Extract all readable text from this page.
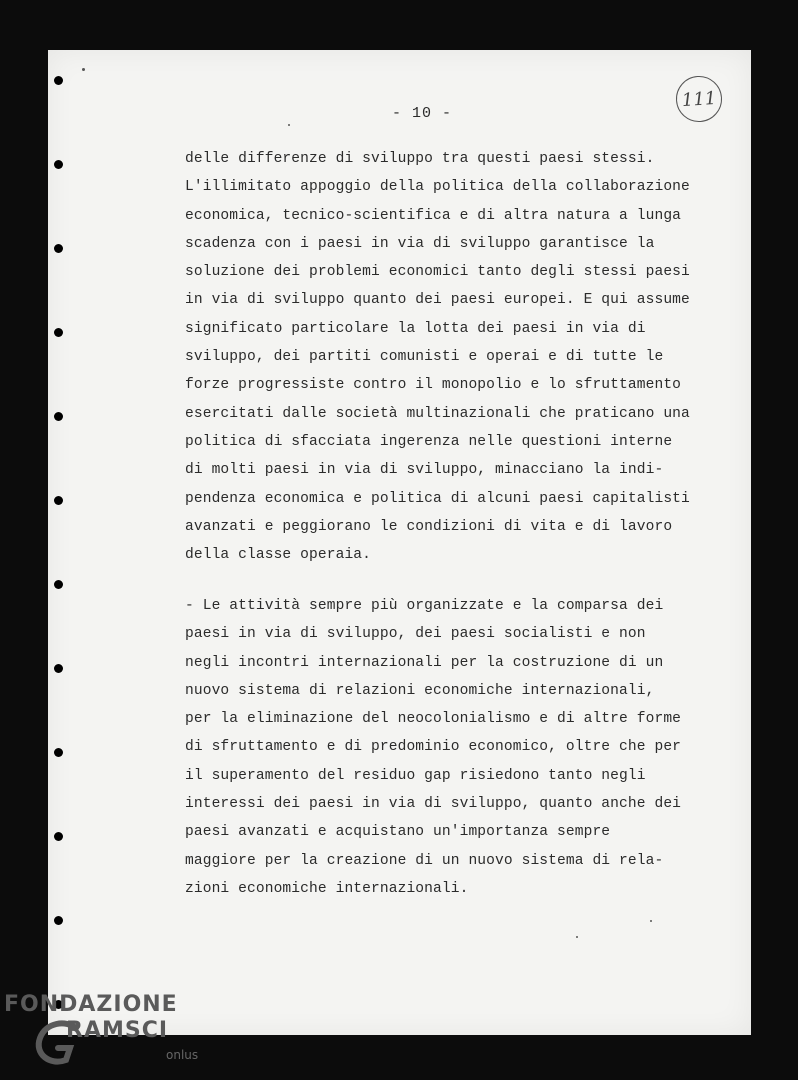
- 10 -
111

delle differenze di sviluppo tra questi paesi stessi.
L'illimitato appoggio della politica della collaborazione
economica, tecnico-scientifica e di altra natura a lunga
scadenza con i paesi in via di sviluppo garantisce la
soluzione dei problemi economici tanto degli stessi paesi
in via di sviluppo quanto dei paesi europei. E qui assume
significato particolare la lotta dei paesi in via di
sviluppo, dei partiti comunisti e operai e di tutte le
forze progressiste contro il monopolio e lo sfruttamento
esercitati dalle società multinazionali che praticano una
politica di sfacciata ingerenza nelle questioni interne
di molti paesi in via di sviluppo, minacciano la indi-
pendenza economica e politica di alcuni paesi capitalisti
avanzati e peggiorano le condizioni di vita e di lavoro
della classe operaia.

- Le attività sempre più organizzate e la comparsa dei
paesi in via di sviluppo, dei paesi socialisti e non
negli incontri internazionali per la costruzione di un
nuovo sistema di relazioni economiche internazionali,
per la eliminazione del neocolonialismo e di altre forme
di sfruttamento e di predominio economico, oltre che per
il superamento del residuo gap risiedono tanto negli
interessi dei paesi in via di sviluppo, quanto anche dei
paesi avanzati e acquistano un'importanza sempre
maggiore per la creazione di un nuovo sistema di rela-
zioni economiche internazionali.

FONDAZIONE
RAMSCI
onlus
